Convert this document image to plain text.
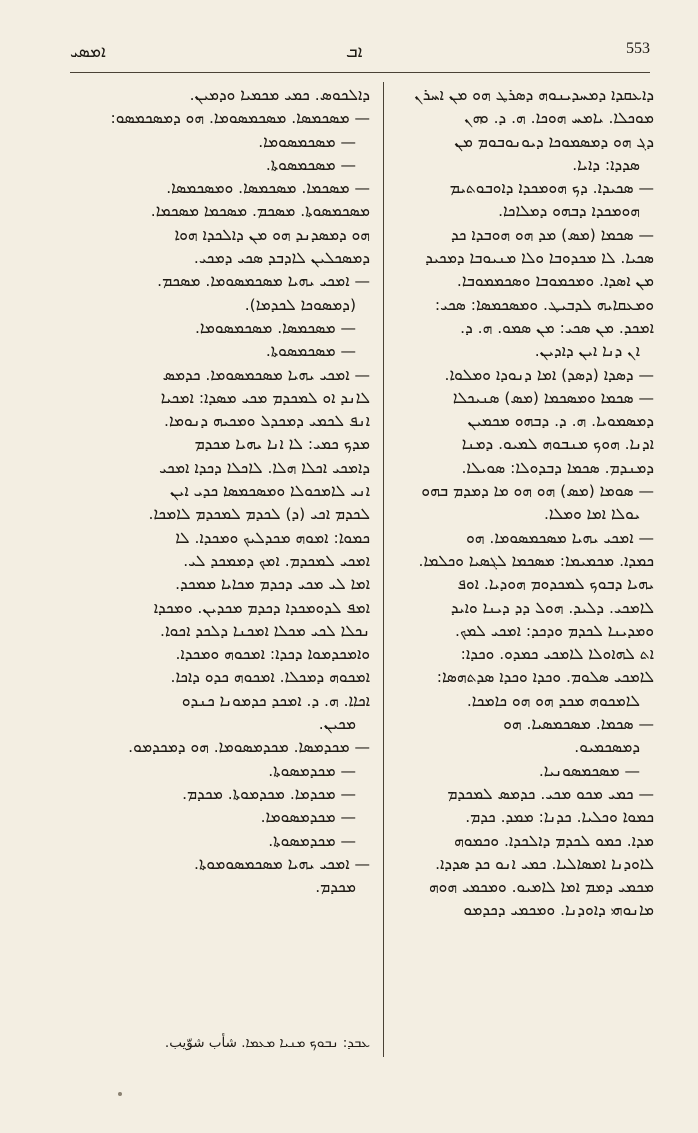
ܐܡܣܝ	ܐܒ	553
ܕܐܥܩܕܐ ܕܡܚܕܝܢܘܗ ܕܣܪܛ ܗܘ ܡܢ ܐܚܪܢ
ܡܘܟܠܐ. ܝܐܡܚ ܗܘܟܐ. ܗ. ܕ. ܘܗܢ
ܕܓ ܗܘ ܕܡܣܡܘܟܐ ܕܝܘܢܘܒܘܡ ܡܢ
ܣܕܕܐ: ܕܐܝܐ.
— ܣܟܝܕܐ. ܕܟ ܗܘܡܟܕܐ ܕܐܘܒܘܬܝܡ
ܗܘܡܟܕܐ ܕܒܗܘ ܕܡܠܐܟܐ.
— ܣܟܡܐ (ܡܣ) ܡܕ ܗܘ ܗܘܒܕܐ ܟܕ
ܣܟܝܐ. ܠܐ ܡܟܕܘܒܐ ܘܠܐ ܡܢܝܘܒܐ ܕܡܟܝܕ
ܡܢ ܐܣܕܐ. ܘܡܟܡܘܒܐ ܘܣܟܡܡܘܒܐ.
ܘܡܥܩܐܝܗ ܠܕܒܝܛ. ܘܡܣܟܡܣܐ: ܣܟܝ:
ܐܡܟܕ. ܡܢ ܣܟܝ: ܡܢ ܣܡܘ. ܗ. ܕ.
ܐܢ ܕܢܐ ܐܝܢ ܕܐܕܝܢ.
— ܕܣܕܐ (ܕܣܕ) ܐܡܐ ܕܢܘܕܐ ܘܡܠܘܐ.
— ܣܟܡܐ ܘܡܣܟܡܐ (ܡܣ) ܣܢܝܟܠܐ
ܕܡܣܡܘܝܐ. ܗ. ܕ. ܕܒܗܘ ܡܟܡܝܢ
ܐܕܢܐ. ܗܘܟ ܡܢܒܘܗ ܠܡܝܘ. ܕܡܢܐ
ܕܡܢܕܡ. ܣܟܡܐ ܕܒܕܘܠܐ: ܣܘܝܠܐ.
— ܣܘܡܐ (ܡܣ) ܗܘ ܗܘ ܡܐ ܕܡܕܡ ܒܗܘ
ܝܘܠܐ ܐܡܐ ܘܡܠܐ.
— ܐܡܟܝ ܝܗܝܐ ܡܣܟܡܣܘܡܐ. ܗܘ
ܟܡܕܐ. ܡܟܡܝܡܐ: ܡܣܟܡܐ ܠܓܣܝܐ ܘܟܠܡܐ.
ܝܗܝܐ ܕܒܘܟ ܠܡܟܕܘܡ ܗܘܕܝܐ. ܐܘܦ
ܠܐܡܟܝ. ܕܠܝܕ. ܗܘܠ ܕܕ ܕܝܢܐ ܘܐܝܕ
ܘܡܕܝܢܐ ܠܟܕܡ ܘܕܟܕ: ܐܡܟܝ ܠܡܟ.
ܐܬ ܠܗܐܘܠܐ ܠܐܡܟܝ ܟܡܕܘ. ܘܟܕܐ:
ܠܐܡܟܝ ܣܠܘܡ. ܘܟܕܐ ܘܟܕܐ ܣܕܬܗܣܐ:
ܠܐܡܟܘܗ ܡܟܕ ܗܘ ܗܘ ܟܐܡܟܐ.
— ܣܟܡܐ. ܡܣܟܡܣܝܐ. ܗܘ
ܕܡܣܟܡܝܘ.
— ܡܣܟܡܣܘܢܝܐ.
— ܟܡܝ ܡܟܘ ܡܟܝ. ܟܕܡܣ ܠܡܟܕܡ
ܟܡܘܐ ܘܟܠܝܐ. ܟܕܢܐ: ܡܡܕ. ܟܕܡ.
ܡܕܐ. ܟܡܘ ܠܟܕܡ ܕܐܠܟܕܐ. ܘܟܡܘܗ
ܠܐܘܕܢܐ ܐܡܣܐܠܝܐ. ܟܡܝ ܐܢܘ ܟܕ ܣܕܕܐ.
ܡܟܡܝ ܕܡܡ ܐܡܐ ܠܐܡܝܘ. ܘܡܟܡܝ ܗܘܗ
ܡܐܢܘܗܝ ܕܐܘܕܢܐ. ܘܡܟܡܝ ܕܟܕܡܘ
ܕܐܠܟܘܣ. ܟܡܝ ܡܟܡܝܐ ܘܕܡܝܢ.
— ܡܣܟܡܣܐ. ܡܣܟܡܣܘܡܐ. ܗܘ ܕܡܣܟܡܣܘ:
— ܡܣܟܡܣܘܡܐ.
— ܡܣܟܡܣܘܬܐ.
— ܡܣܟܡܐ. ܡܣܟܡܣܐ. ܘܡܣܟܡܣܐ.
ܡܣܟܡܣܘܬܐ. ܡܣܟܡ. ܡܣܟܡܐ ܡܣܟܡܐ.
ܗܘ ܕܡܣܕܢܕ ܗܘ ܡܢ ܕܐܠܟܕܐ ܗܘܐ
ܕܡܣܟܠܝܢ ܠܐܕܒܕ ܣܟܝ ܕܡܟܝ.
— ܐܡܟܝ ܝܗܝܐ ܡܣܟܡܣܘܡܐ. ܡܣܟܡ.
(ܕܡܣܘܟܐ ܠܟܕܡܐ).
— ܡܣܟܡܣܐ. ܡܣܟܡܣܘܡܐ.
— ܡܣܟܡܣܘܬܐ.
— ܐܡܟܝ ܝܗܝܐ ܡܣܟܡܣܘܡܐ. ܟܕܡܣ
ܠܐܢܕ ܐܘ ܠܡܟܕܡ ܡܟܝ ܡܣܕܐ: ܐܡܟܝܐ
ܐܢܦ ܠܟܡܝ ܕܡܟܕܠ ܘܡܟܝܗ ܕܢܘܡܐ.
ܡܕܟ ܟܡܝ: ܠܐ ܐܢܐ ܝܗܝܐ ܡܟܕܡ
ܕܐܡܟܝ ܐܟܠܐ ܗܠܐ. ܠܐܟܠܐ ܕܟܕܐ ܐܡܟܝ
ܐܢܝ ܠܐܡܟܘܠܐ ܘܡܣܟܡܣܐ ܟܕܝ ܐܝܢ
ܠܟܕܡ ܐܟܝ (ܕ) ܠܟܕܡ ܠܡܟܕܡ ܠܐܡܟܐ.
ܟܡܘܐ: ܐܡܘܗ ܡܟܕܠܝܟ ܘܡܟܕܐ. ܠܐ
ܐܡܟܝ ܠܡܟܕܡ. ܐܡܟ ܕܡܡܟܕ ܠܝ.
ܐܡܐ ܠܝ ܡܟܝ ܕܟܕܡ ܡܟܐܝܐ ܡܡܟܕ.
ܐܡܦ ܠܕܘܡܟܕܐ ܕܟܕܡ ܡܟܕܝܢ. ܘܡܟܕܐ
ܢܟܠܐ ܠܟܝ ܡܟܠܐ ܐܡܟܢܐ ܕܠܟܕ ܐܟܘܐ.
ܘܐܡܟܕܡܘܐ ܕܟܕܐ: ܐܡܟܘܗ ܘܡܟܕܐ.
ܐܡܟܘܗ ܕܡܟܠܐ. ܐܡܟܘܗ ܟܕܘ ܕܐܟܐ.
ܐܟܐܐ. ܗ. ܕ. ܐܡܟܕ ܟܕܡܘܢܐ ܟܢܕܘ
ܡܟܝܢ.
— ܡܟܕܡܣܐ. ܡܟܕܡܣܘܡܐ. ܗܘ ܕܡܟܕܡܘ.
— ܡܟܕܡܣܘܬܐ.
— ܡܟܕܡܐ. ܡܟܕܡܘܬܐ. ܡܟܕܡ.
— ܡܟܕܡܣܘܡܐ.
— ܡܟܕܡܣܘܬܐ.
— ܐܡܟܝ ܝܗܝܐ ܡܣܟܡܣܘܡܘܬܐ.
ܡܟܕܡ.
ܥܒܕ: ܢܒܘܟ ܡܢܝܐ ܡܥܡܐ. شأب شوّيب.
